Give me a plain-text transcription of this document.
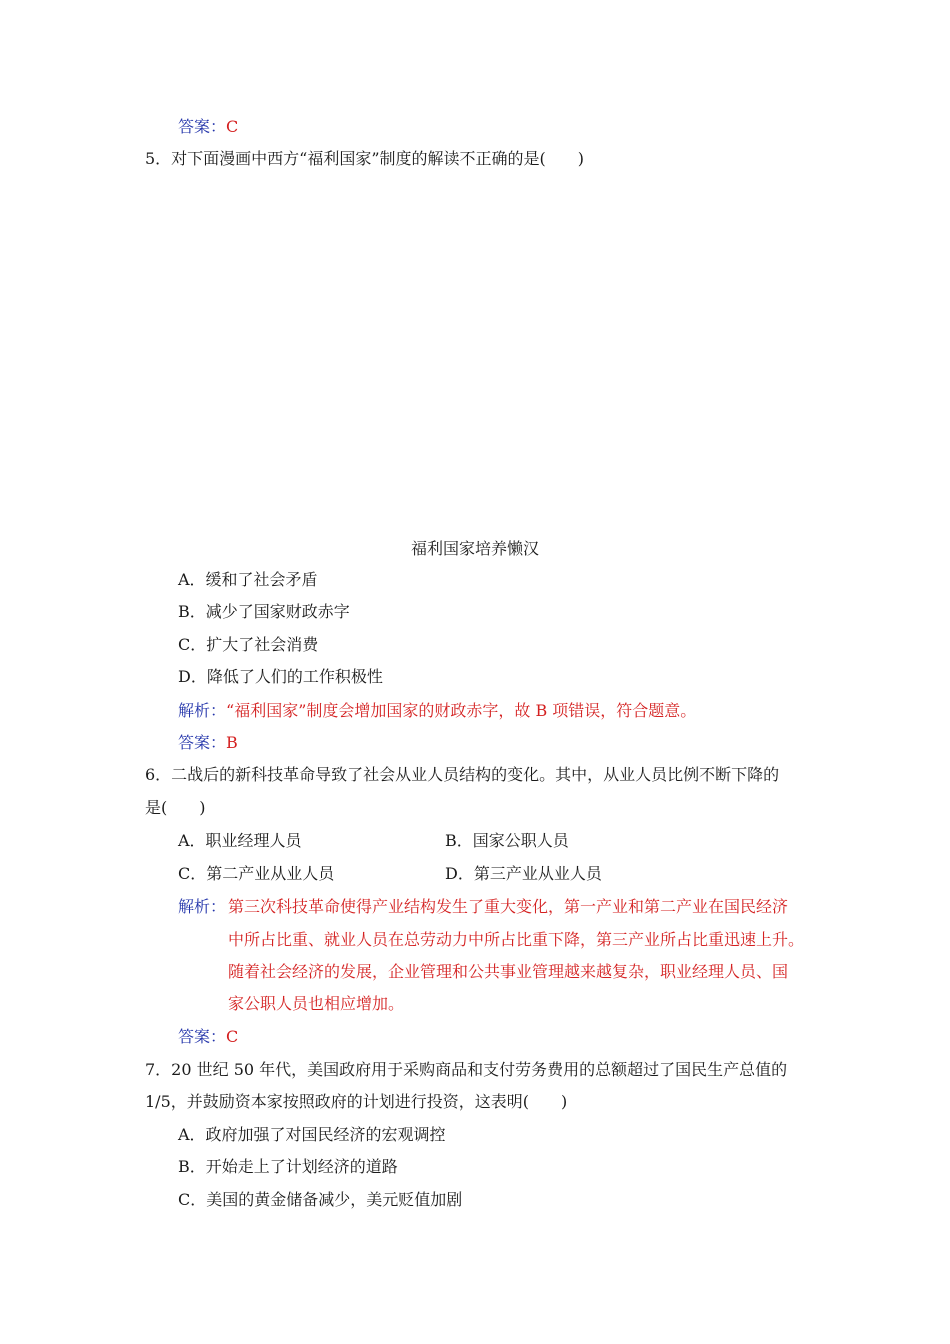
答案：C
5．对下面漫画中西方“福利国家”制度的解读不正确的是(　　)
福利国家培养懒汉
A．缓和了社会矛盾
B．减少了国家财政赤字
C．扩大了社会消费
D．降低了人们的工作积极性
解析：“福利国家”制度会增加国家的财政赤字，故 B 项错误，符合题意。
答案：B
6．二战后的新科技革命导致了社会从业人员结构的变化。其中，从业人员比例不断下降的
是(　　)
A．职业经理人员	B．国家公职人员
C．第二产业从业人员	D．第三产业从业人员
解析： 第三次科技革命使得产业结构发生了重大变化，第一产业和第二产业在国民经济
中所占比重、就业人员在总劳动力中所占比重下降，第三产业所占比重迅速上升。
随着社会经济的发展，企业管理和公共事业管理越来越复杂，职业经理人员、国
家公职人员也相应增加。
答案：C
7．20 世纪 50 年代，美国政府用于采购商品和支付劳务费用的总额超过了国民生产总值的
1/5，并鼓励资本家按照政府的计划进行投资，这表明(　　)
A．政府加强了对国民经济的宏观调控
B．开始走上了计划经济的道路
C．美国的黄金储备减少，美元贬值加剧
